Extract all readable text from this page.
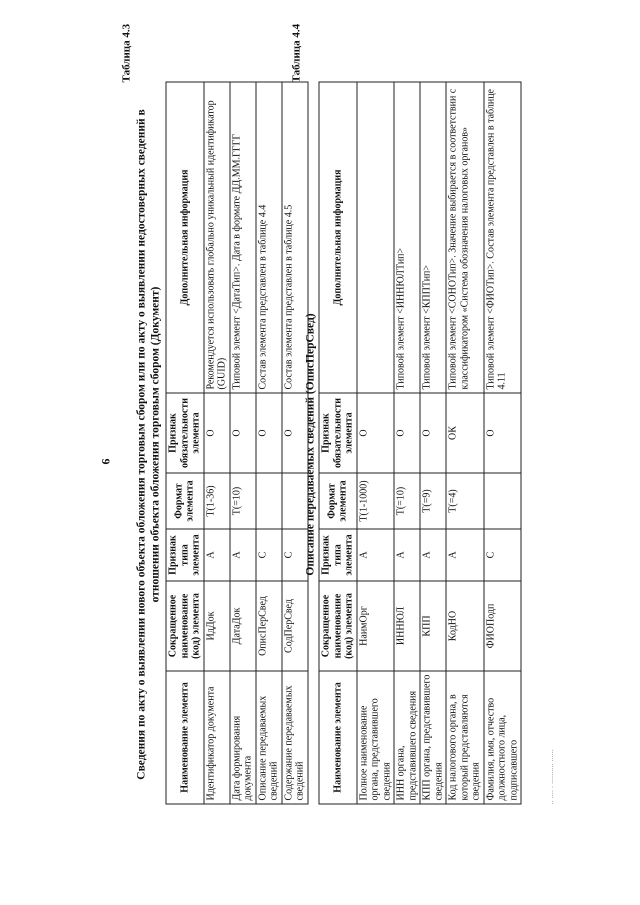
6
Таблица 4.3
Сведения по акту о выявлении нового объекта обложения торговым сбором или по акту о выявлении недостоверных сведений в отношении объекта обложения торговым сбором (Документ)
Наименование элемента	Сокращенное наименование (код) элемента	Признак типа элемента	Формат элемента	Признак обязательности элемента	Дополнительная информация
Идентификатор документа	ИдДок	А	Т(1-36)	О	Рекомендуется использовать глобально уникальный идентификатор (GUID)
Дата формирования документа	ДатаДок	А	Т(=10)	О	Типовой элемент <ДатаТип>. Дата в формате ДД.ММ.ГГГГ
Описание передаваемых сведений	ОписПерСвед	С		О	Состав элемента представлен в таблице 4.4
Содержание передаваемых сведений	СодПерСвед	С		О	Состав элемента представлен в таблице 4.5
Таблица 4.4
Описание передаваемых сведений (ОписПерСвед)
Наименование элемента	Сокращенное наименование (код) элемента	Признак типа элемента	Формат элемента	Признак обязательности элемента	Дополнительная информация
Полное наименование органа, представившего сведения	НаимОрг	А	Т(1-1000)	О	
ИНН органа, представившего сведения	ИННЮЛ	А	Т(=10)	О	Типовой элемент <ИННЮЛТип>
КПП органа, представившего сведения	КПП	А	Т(=9)	О	Типовой элемент <КППТип>
Код налогового органа, в который представляются сведения	КодНО	А	Т(=4)	ОК	Типовой элемент <СОНОТип>. Значение выбирается в соответствии с классификатором «Система обозначения налоговых органов»
Фамилия, имя, отчество должностного лица, подписавшего	ФИОПодп	С		О	Типовой элемент <ФИОТип>. Состав элемента представлен в таблице 4.11
ᐧᐧ ᐧᐧᐧᐧ ᐧ ᐧᐧᐧᐧᐧᐧᐧᐧᐧᐧ ᐧᐧᐧᐧᐧᐧ
